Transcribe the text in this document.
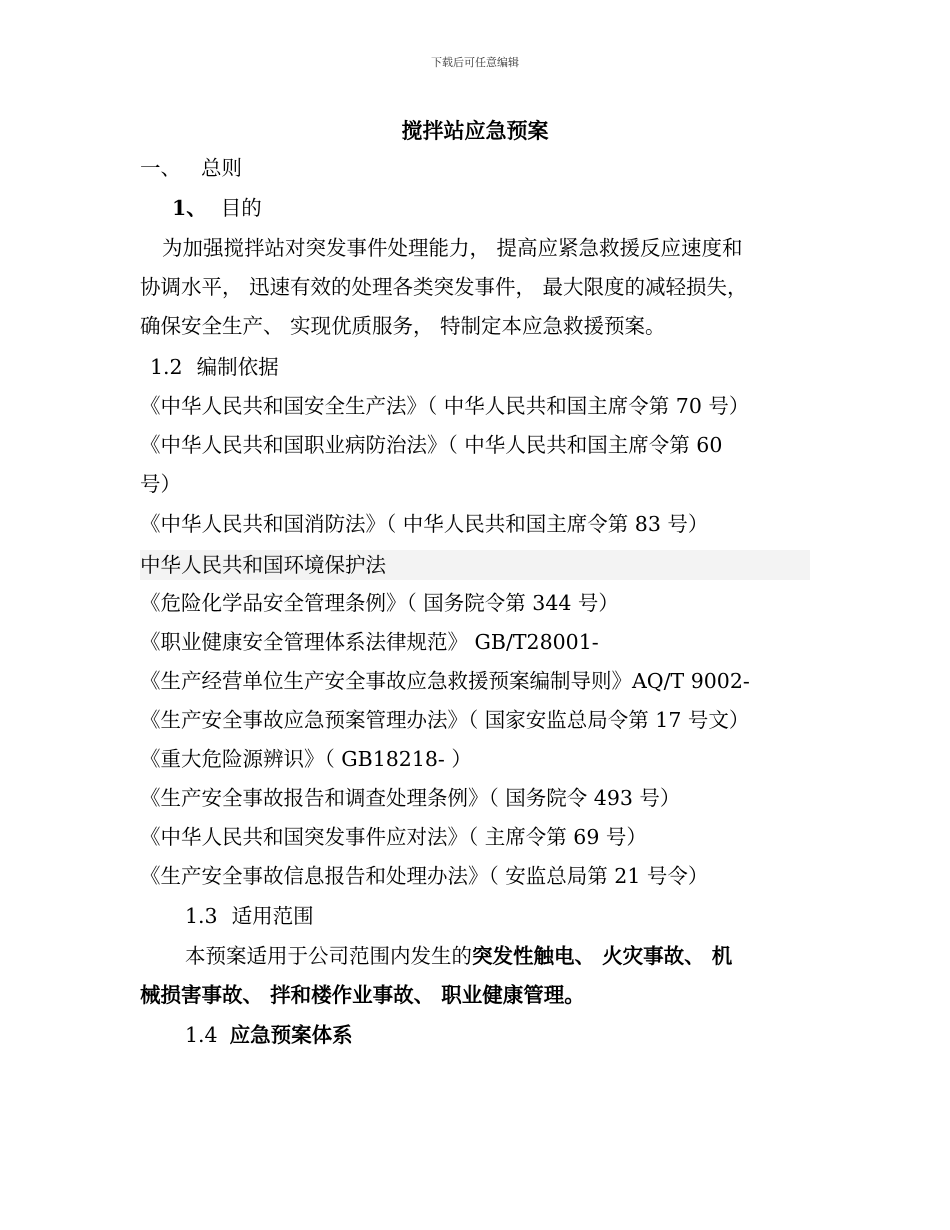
下载后可任意编辑
搅拌站应急预案
一、 总则
1、 目的
为加强搅拌站对突发事件处理能力， 提高应紧急救援反应速度和
协调水平， 迅速有效的处理各类突发事件， 最大限度的减轻损失，
确保安全生产、 实现优质服务， 特制定本应急救援预案。
1.2 编制依据
《中华人民共和国安全生产法》（ 中华人民共和国主席令第 70 号）
《中华人民共和国职业病防治法》（ 中华人民共和国主席令第 60
号）
《中华人民共和国消防法》（ 中华人民共和国主席令第 83 号）
中华人民共和国环境保护法
《危险化学品安全管理条例》（ 国务院令第 344 号）
《职业健康安全管理体系法律规范》 GB/T28001-
《生产经营单位生产安全事故应急救援预案编制导则》AQ/T 9002-
《生产安全事故应急预案管理办法》（ 国家安监总局令第 17 号文）
《重大危险源辨识》（ GB18218- ）
《生产安全事故报告和调查处理条例》（ 国务院令 493 号）
《中华人民共和国突发事件应对法》（ 主席令第 69 号）
《生产安全事故信息报告和处理办法》（ 安监总局第 21 号令）
1.3 适用范围
本预案适用于公司范围内发生的突发性触电、 火灾事故、 机
械损害事故、 拌和楼作业事故、 职业健康管理。
1.4 应急预案体系
